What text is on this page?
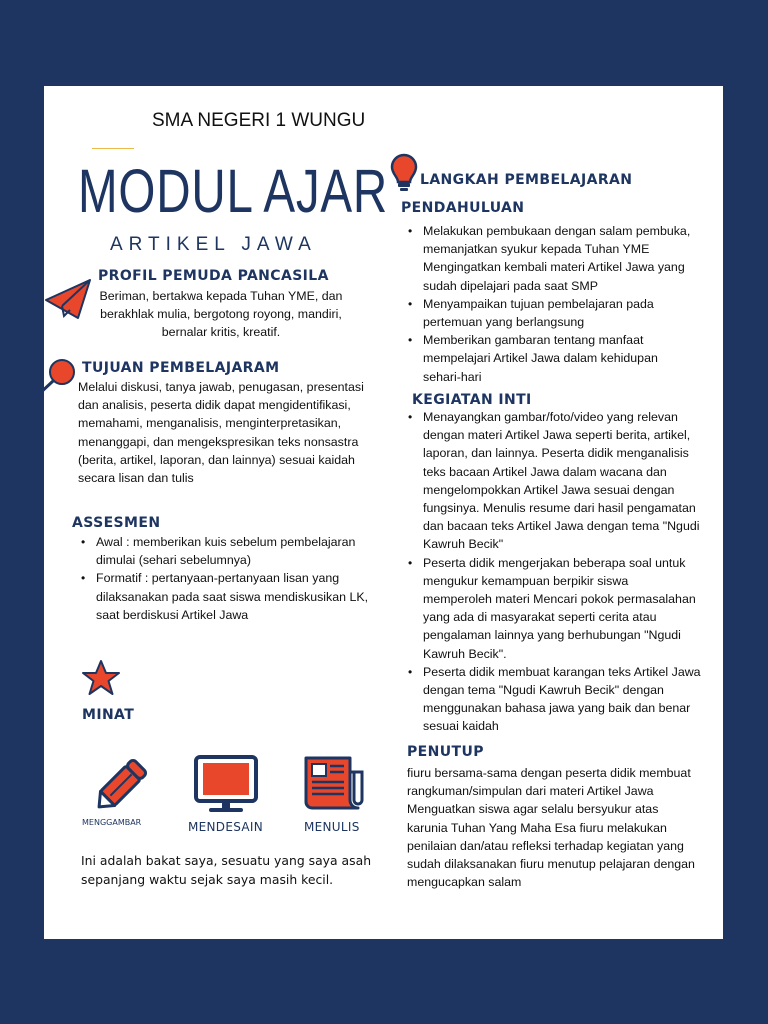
SMA NEGERI 1 WUNGU
MODUL AJAR
ARTIKEL JAWA
PROFIL PEMUDA PANCASILA
Beriman, bertakwa kepada Tuhan YME, dan
berakhlak mulia, bergotong royong, mandiri,
bernalar kritis, kreatif.
TUJUAN PEMBELAJARAM
Melalui diskusi, tanya jawab, penugasan, presentasi
dan analisis, peserta didik dapat mengidentifikasi,
memahami, menganalisis, menginterpretasikan,
menanggapi, dan mengekspresikan teks nonsastra
(berita, artikel, laporan, dan lainnya) sesuai kaidah
secara lisan dan tulis
ASSESMEN
• Awal : memberikan kuis sebelum pembelajaran
dimulai (sehari sebelumnya)
• Formatif : pertanyaan-pertanyaan lisan yang
dilaksanakan pada saat siswa mendiskusikan LK,
saat berdiskusi Artikel Jawa
MINAT
MENGGAMBAR	MENDESAIN	MENULIS
Ini adalah bakat saya, sesuatu yang saya asah
sepanjang waktu sejak saya masih kecil.
LANGKAH PEMBELAJARAN
PENDAHULUAN
• Melakukan pembukaan dengan salam pembuka,
memanjatkan syukur kepada Tuhan YME
Mengingatkan kembali materi Artikel Jawa yang
sudah dipelajari pada saat SMP
• Menyampaikan tujuan pembelajaran pada
pertemuan yang berlangsung
• Memberikan gambaran tentang manfaat
mempelajari Artikel Jawa dalam kehidupan
sehari-hari
KEGIATAN INTI
• Menayangkan gambar/foto/video yang relevan
dengan materi Artikel Jawa seperti berita, artikel,
laporan, dan lainnya. Peserta didik menganalisis
teks bacaan Artikel Jawa dalam wacana dan
mengelompokkan Artikel Jawa sesuai dengan
fungsinya. Menulis resume dari hasil pengamatan
dan bacaan teks Artikel Jawa dengan tema "Ngudi
Kawruh Becik"
• Peserta didik mengerjakan beberapa soal untuk
mengukur kemampuan berpikir siswa
memperoleh materi Mencari pokok permasalahan
yang ada di masyarakat seperti cerita atau
pengalaman lainnya yang berhubungan "Ngudi
Kawruh Becik".
• Peserta didik membuat karangan teks Artikel Jawa
dengan tema "Ngudi Kawruh Becik" dengan
menggunakan bahasa jawa yang baik dan benar
sesuai kaidah
PENUTUP
fiuru bersama-sama dengan peserta didik membuat
rangkuman/simpulan dari materi Artikel Jawa
Menguatkan siswa agar selalu bersyukur atas
karunia Tuhan Yang Maha Esa fiuru melakukan
penilaian dan/atau refleksi terhadap kegiatan yang
sudah dilaksanakan fiuru menutup pelajaran dengan
mengucapkan salam
